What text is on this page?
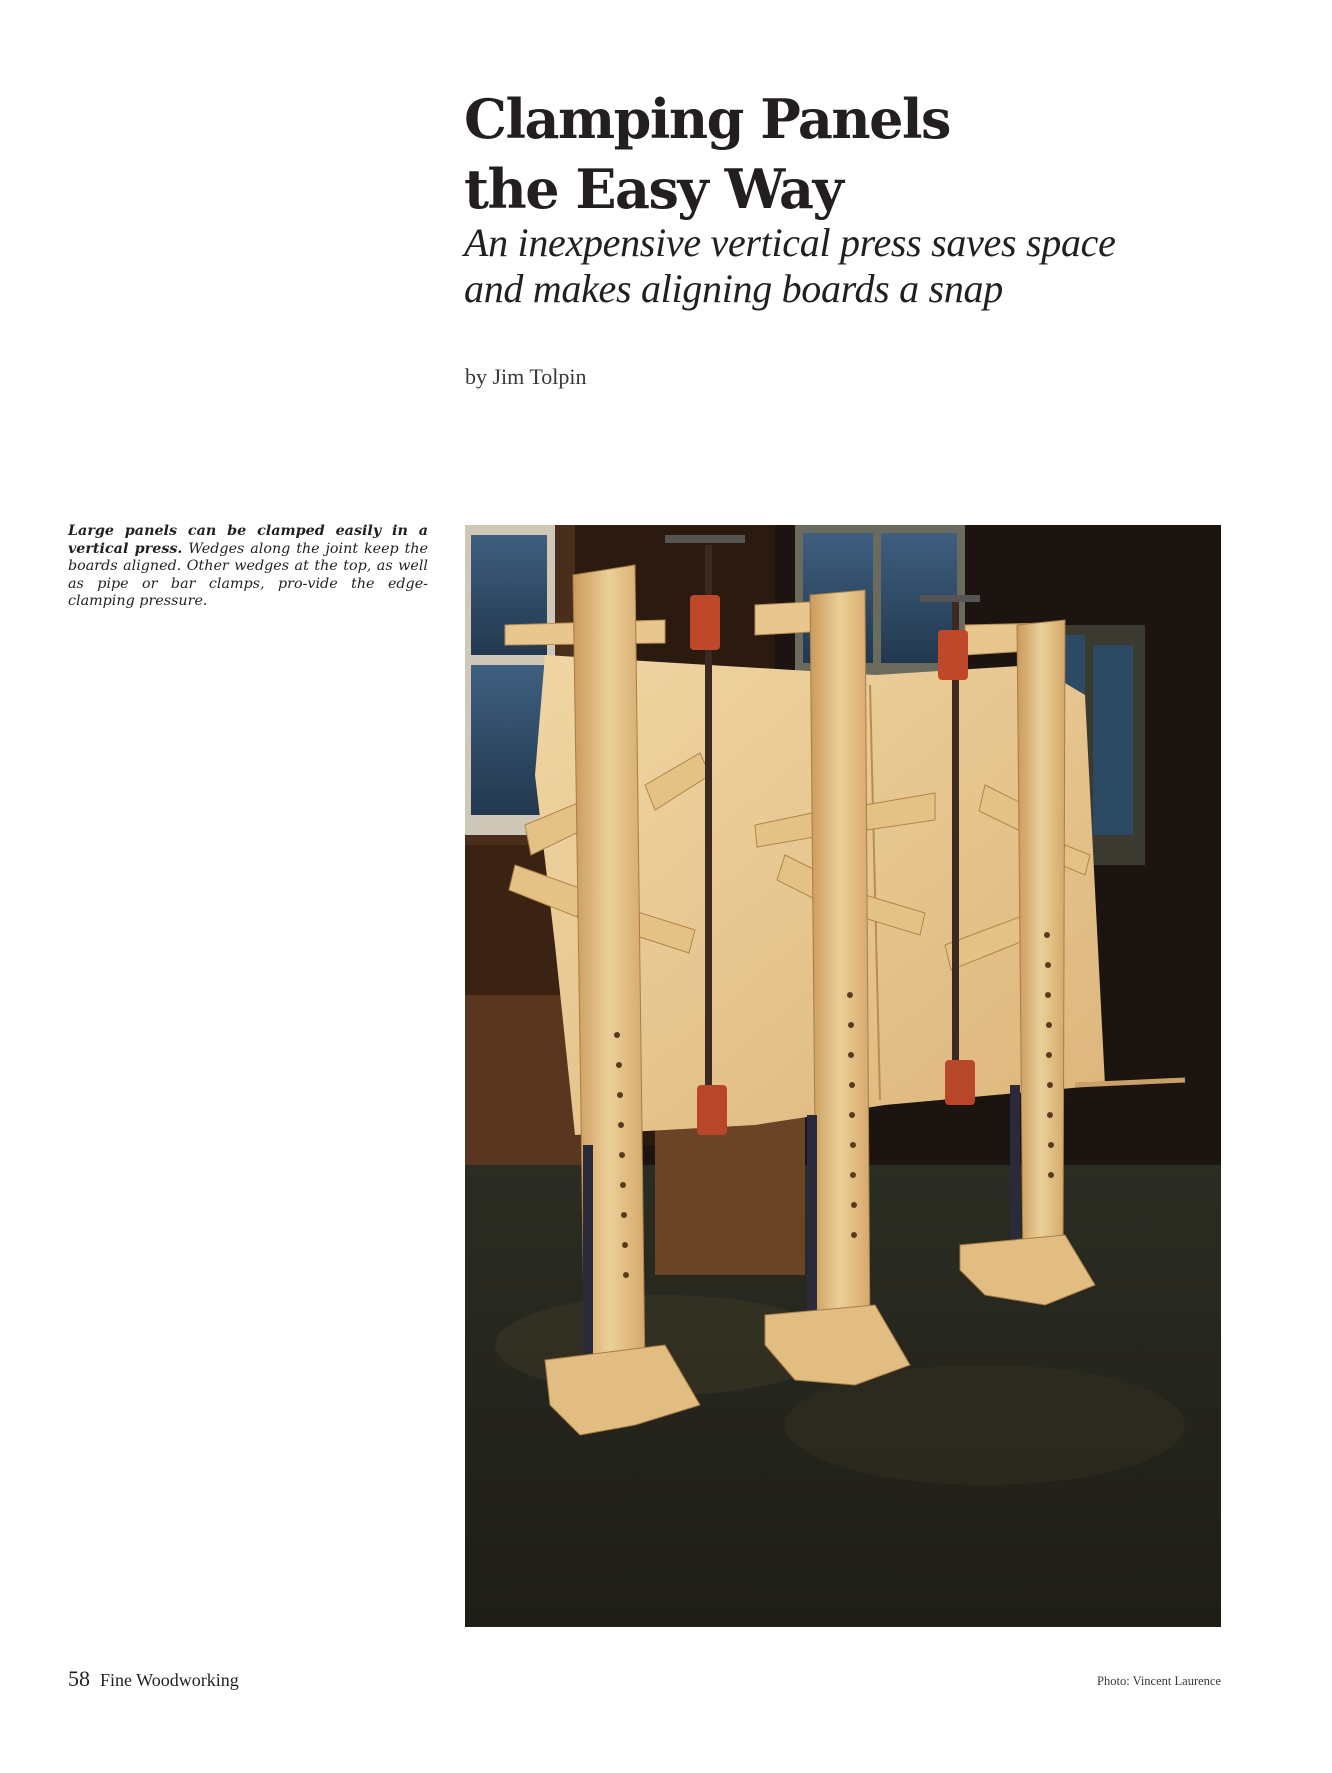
Clamping Panels
the Easy Way
An inexpensive vertical press saves space
and makes aligning boards a snap
by Jim Tolpin

Large panels can be clamped easily in a vertical press. Wedges along the joint keep the boards aligned. Other wedges at the top, as well as pipe or bar clamps, pro-vide the edge-clamping pressure.

58 Fine Woodworking	Photo: Vincent Laurence
